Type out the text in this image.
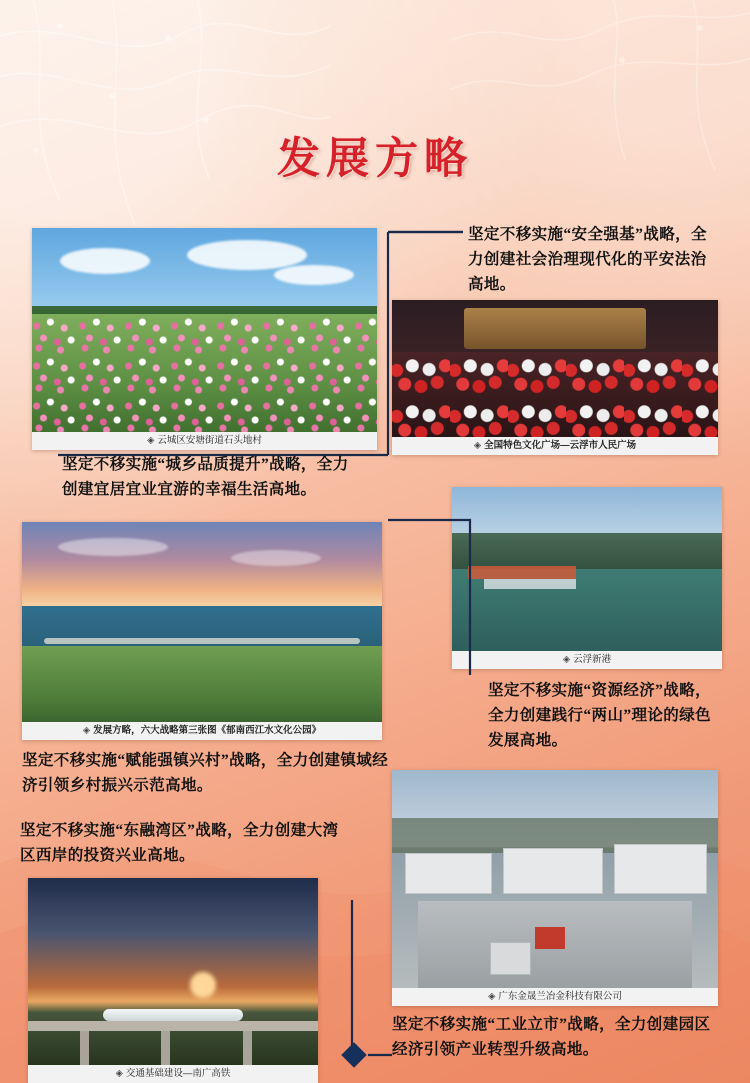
发展方略
◈ 云城区安塘街道石头地村	◈ 全国特色文化广场—云浮市人民广场
◈ 发展方略，六大战略第三张图《郁南西江水文化公园》
◈ 云浮新港
◈ 广东金晟兰冶金科技有限公司
◈ 交通基础建设—南广高铁
坚定不移实施“安全强基”战略，全力创建社会治理现代化的平安法治高地。
坚定不移实施“城乡品质提升”战略，全力创建宜居宜业宜游的幸福生活高地。
坚定不移实施“资源经济”战略，全力创建践行“两山”理论的绿色发展高地。
坚定不移实施“赋能强镇兴村”战略，全力创建镇域经济引领乡村振兴示范高地。
坚定不移实施“东融湾区”战略，全力创建大湾区西岸的投资兴业高地。
坚定不移实施“工业立市”战略，全力创建园区经济引领产业转型升级高地。
